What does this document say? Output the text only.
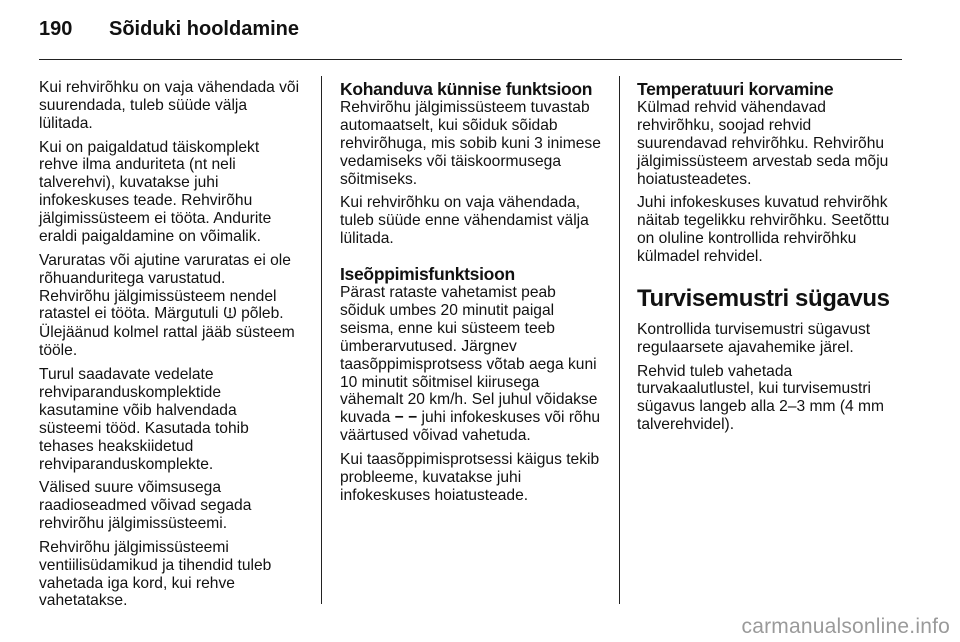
190	Sõiduki hooldamine

Kui rehvirõhku on vaja vähendada või
suurendada, tuleb süüde välja
lülitada.

Kui on paigaldatud täiskomplekt
rehve ilma anduriteta (nt neli
talverehvi), kuvatakse juhi
infokeskuses teade. Rehvirõhu
jälgimissüsteem ei tööta. Andurite
eraldi paigaldamine on võimalik.

Varuratas või ajutine varuratas ei ole
rõhuanduritega varustatud.
Rehvirõhu jälgimissüsteem nendel
ratastel ei tööta. Märgutuli  põleb.
Ülejäänud kolmel rattal jääb süsteem
tööle.

Turul saadavate vedelate
rehviparanduskomplektide
kasutamine võib halvendada
süsteemi tööd. Kasutada tohib
tehases heakskiidetud
rehviparanduskomplekte.

Välised suure võimsusega
raadioseadmed võivad segada
rehvirõhu jälgimissüsteemi.

Rehvirõhu jälgimissüsteemi
ventiilisüdamikud ja tihendid tuleb
vahetada iga kord, kui rehve
vahetatakse.

Kohanduva künnise funktsioon

Rehvirõhu jälgimissüsteem tuvastab
automaatselt, kui sõiduk sõidab
rehvirõhuga, mis sobib kuni 3 inimese
vedamiseks või täiskoormusega
sõitmiseks.

Kui rehvirõhku on vaja vähendada,
tuleb süüde enne vähendamist välja
lülitada.

Iseõppimisfunktsioon

Pärast rataste vahetamist peab
sõiduk umbes 20 minutit paigal
seisma, enne kui süsteem teeb
ümberarvutused. Järgnev
taasõppimisprotsess võtab aega kuni
10 minutit sõitmisel kiirusega
vähemalt 20 km/h. Sel juhul võidakse
kuvada − − juhi infokeskuses või rõhu
väärtused võivad vahetuda.

Kui taasõppimisprotsessi käigus tekib
probleeme, kuvatakse juhi
infokeskuses hoiatusteade.

Temperatuuri korvamine

Külmad rehvid vähendavad
rehvirõhku, soojad rehvid
suurendavad rehvirõhku. Rehvirõhu
jälgimissüsteem arvestab seda mõju
hoiatusteadetes.

Juhi infokeskuses kuvatud rehvirõhk
näitab tegelikku rehvirõhku. Seetõttu
on oluline kontrollida rehvirõhku
külmadel rehvidel.

Turvisemustri sügavus

Kontrollida turvisemustri sügavust
regulaarsete ajavahemike järel.

Rehvid tuleb vahetada
turvakaalutlustel, kui turvisemustri
sügavus langeb alla 2–3 mm (4 mm
talverehvidel).

carmanualsonline.info
